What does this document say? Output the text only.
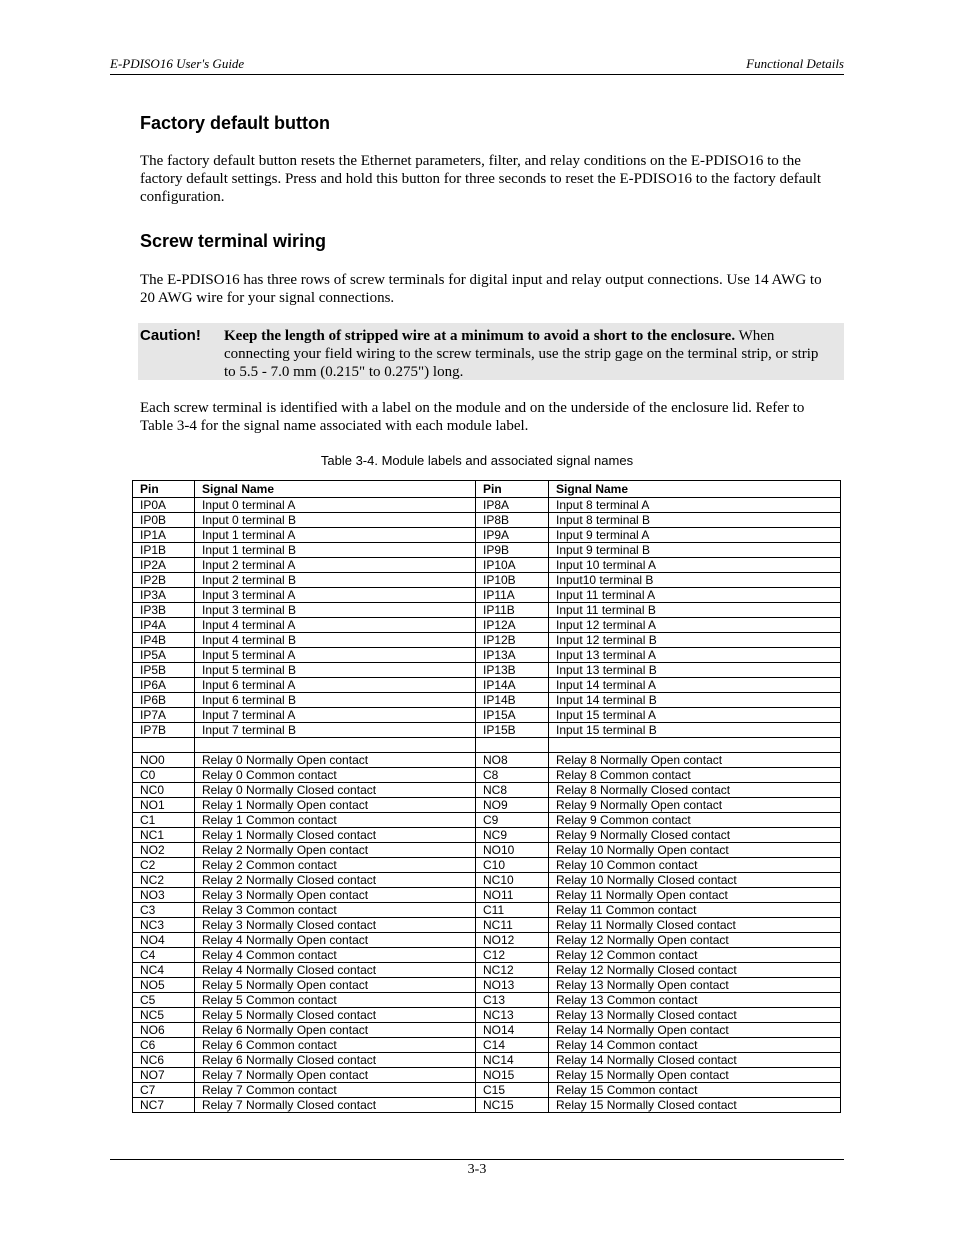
E-PDISO16 User's Guide	Functional Details
Factory default button

The factory default button resets the Ethernet parameters, filter, and relay conditions on the E-PDISO16 to the factory default settings. Press and hold this button for three seconds to reset the E-PDISO16 to the factory default configuration.

Screw terminal wiring

The E-PDISO16 has three rows of screw terminals for digital input and relay output connections. Use 14 AWG to 20 AWG wire for your signal connections.

Caution! Keep the length of stripped wire at a minimum to avoid a short to the enclosure. When connecting your field wiring to the screw terminals, use the strip gage on the terminal strip, or strip to 5.5 - 7.0 mm (0.215" to 0.275") long.

Each screw terminal is identified with a label on the module and on the underside of the enclosure lid. Refer to Table 3-4 for the signal name associated with each module label.

Table 3-4. Module labels and associated signal names
Pin	Signal Name	Pin	Signal Name
IP0A	Input 0 terminal A	IP8A	Input 8 terminal A
IP0B	Input 0 terminal B	IP8B	Input 8 terminal B
IP1A	Input 1 terminal A	IP9A	Input 9 terminal A
IP1B	Input 1 terminal B	IP9B	Input 9 terminal B
IP2A	Input 2 terminal A	IP10A	Input 10 terminal A
IP2B	Input 2 terminal B	IP10B	Input10 terminal B
IP3A	Input 3 terminal A	IP11A	Input 11 terminal A
IP3B	Input 3 terminal B	IP11B	Input 11 terminal B
IP4A	Input 4 terminal A	IP12A	Input 12 terminal A
IP4B	Input 4 terminal B	IP12B	Input 12 terminal B
IP5A	Input 5 terminal A	IP13A	Input 13 terminal A
IP5B	Input 5 terminal B	IP13B	Input 13 terminal B
IP6A	Input 6 terminal A	IP14A	Input 14 terminal A
IP6B	Input 6 terminal B	IP14B	Input 14 terminal B
IP7A	Input 7 terminal A	IP15A	Input 15 terminal A
IP7B	Input 7 terminal B	IP15B	Input 15 terminal B

NO0	Relay 0 Normally Open contact	NO8	Relay 8 Normally Open contact
C0	Relay 0 Common contact	C8	Relay 8 Common contact
NC0	Relay 0 Normally Closed contact	NC8	Relay 8 Normally Closed contact
NO1	Relay 1 Normally Open contact	NO9	Relay 9 Normally Open contact
C1	Relay 1 Common contact	C9	Relay 9 Common contact
NC1	Relay 1 Normally Closed contact	NC9	Relay 9 Normally Closed contact
NO2	Relay 2 Normally Open contact	NO10	Relay 10 Normally Open contact
C2	Relay 2 Common contact	C10	Relay 10 Common contact
NC2	Relay 2 Normally Closed contact	NC10	Relay 10 Normally Closed contact
NO3	Relay 3 Normally Open contact	NO11	Relay 11 Normally Open contact
C3	Relay 3 Common contact	C11	Relay 11 Common contact
NC3	Relay 3 Normally Closed contact	NC11	Relay 11 Normally Closed contact
NO4	Relay 4 Normally Open contact	NO12	Relay 12 Normally Open contact
C4	Relay 4 Common contact	C12	Relay 12 Common contact
NC4	Relay 4 Normally Closed contact	NC12	Relay 12 Normally Closed contact
NO5	Relay 5 Normally Open contact	NO13	Relay 13 Normally Open contact
C5	Relay 5 Common contact	C13	Relay 13 Common contact
NC5	Relay 5 Normally Closed contact	NC13	Relay 13 Normally Closed contact
NO6	Relay 6 Normally Open contact	NO14	Relay 14 Normally Open contact
C6	Relay 6 Common contact	C14	Relay 14 Common contact
NC6	Relay 6 Normally Closed contact	NC14	Relay 14 Normally Closed contact
NO7	Relay 7 Normally Open contact	NO15	Relay 15 Normally Open contact
C7	Relay 7 Common contact	C15	Relay 15 Common contact
NC7	Relay 7 Normally Closed contact	NC15	Relay 15 Normally Closed contact
3-3
